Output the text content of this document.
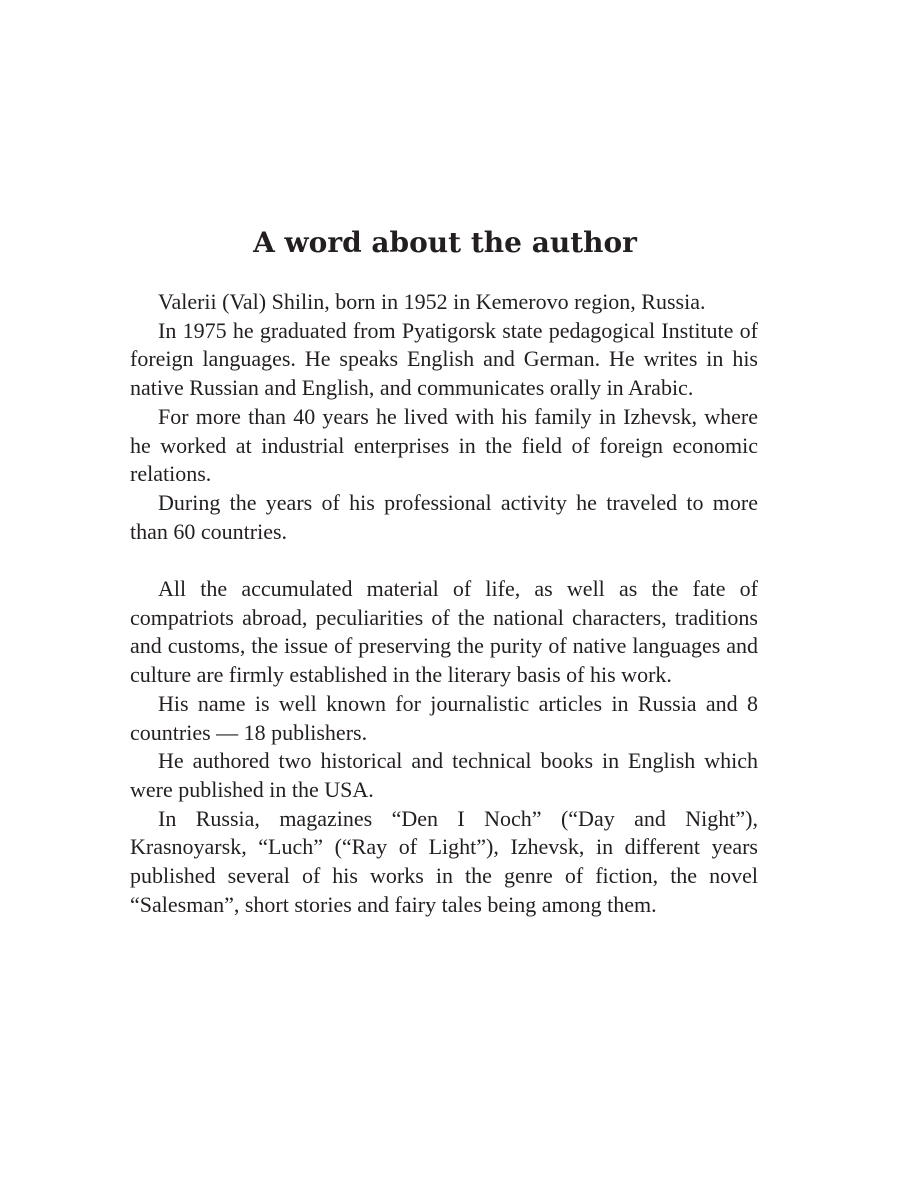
A word about the author

Valerii (Val) Shilin, born in 1952 in Kemerovo region, Russia.

In 1975 he graduated from Pyatigorsk state pedagogical Institute of foreign languages. He speaks English and German. He writes in his native Russian and English, and communicates orally in Arabic.

For more than 40 years he lived with his family in Izhevsk, where he worked at industrial enterprises in the field of foreign economic relations.

During the years of his professional activity he traveled to more than 60 countries.

All the accumulated material of life, as well as the fate of compatriots abroad, peculiarities of the national characters, traditions and customs, the issue of preserving the purity of native languages and culture are firmly established in the literary basis of his work.

His name is well known for journalistic articles in Russia and 8 countries — 18 publishers.

He authored two historical and technical books in English which were published in the USA.

In Russia, magazines “Den I Noch” (“Day and Night”), Krasnoyarsk, “Luch” (“Ray of Light”), Izhevsk, in different years published several of his works in the genre of fiction, the novel “Salesman”, short stories and fairy tales being among them.
